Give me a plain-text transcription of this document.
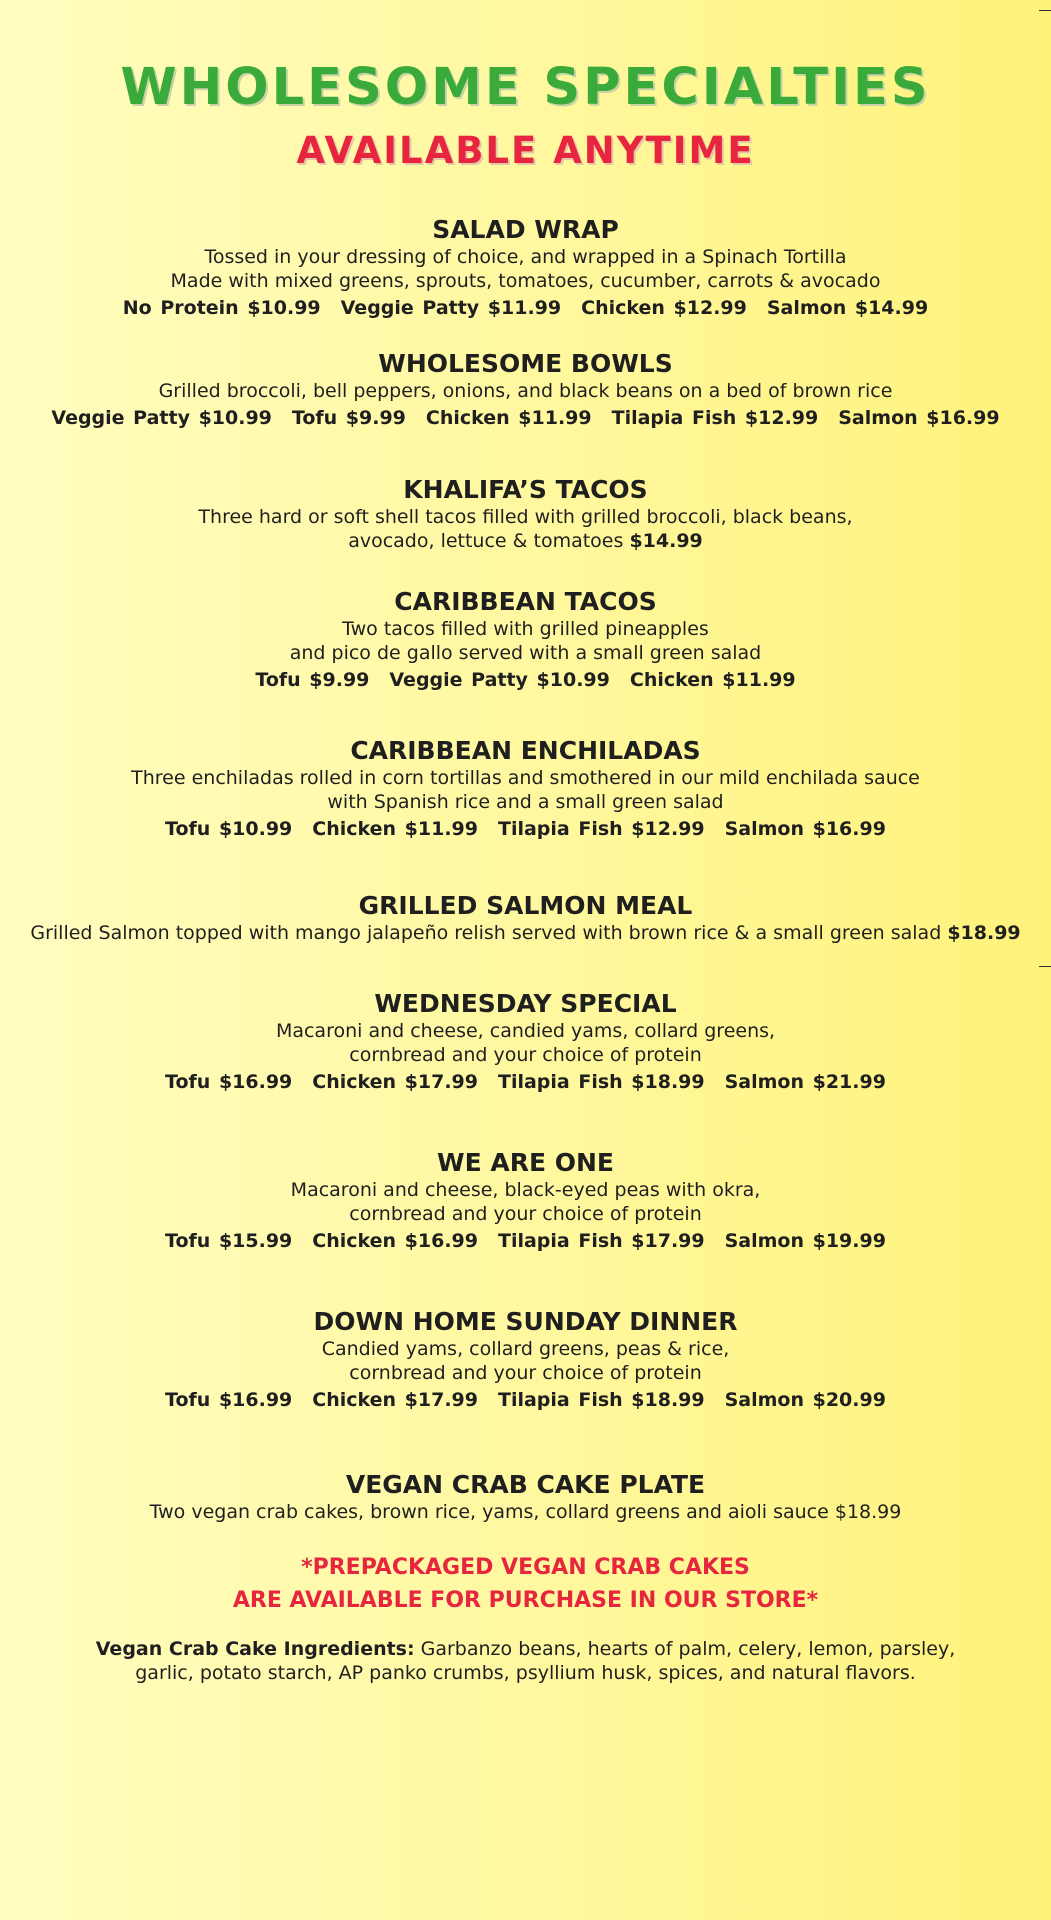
WHOLESOME SPECIALTIES
AVAILABLE ANYTIME
SALAD WRAP

Tossed in your dressing of choice, and wrapped in a Spinach Tortilla

Made with mixed greens, sprouts, tomatoes, cucumber, carrots & avocado

No Protein $10.99 Veggie Patty $11.99 Chicken $12.99 Salmon $14.99

WHOLESOME BOWLS

Grilled broccoli, bell peppers, onions, and black beans on a bed of brown rice

Veggie Patty $10.99 Tofu $9.99 Chicken $11.99 Tilapia Fish $12.99 Salmon $16.99

KHALIFA’S TACOS

Three hard or soft shell tacos filled with grilled broccoli, black beans,

avocado, lettuce & tomatoes $14.99

CARIBBEAN TACOS

Two tacos filled with grilled pineapples

and pico de gallo served with a small green salad

Tofu $9.99 Veggie Patty $10.99 Chicken $11.99

CARIBBEAN ENCHILADAS

Three enchiladas rolled in corn tortillas and smothered in our mild enchilada sauce

with Spanish rice and a small green salad

Tofu $10.99 Chicken $11.99 Tilapia Fish $12.99 Salmon $16.99

GRILLED SALMON MEAL

Grilled Salmon topped with mango jalapeño relish served with brown rice & a small green salad $18.99

WEDNESDAY SPECIAL

Macaroni and cheese, candied yams, collard greens,

cornbread and your choice of protein

Tofu $16.99 Chicken $17.99 Tilapia Fish $18.99 Salmon $21.99

WE ARE ONE

Macaroni and cheese, black-eyed peas with okra,

cornbread and your choice of protein

Tofu $15.99 Chicken $16.99 Tilapia Fish $17.99 Salmon $19.99

DOWN HOME SUNDAY DINNER

Candied yams, collard greens, peas & rice,

cornbread and your choice of protein

Tofu $16.99 Chicken $17.99 Tilapia Fish $18.99 Salmon $20.99

VEGAN CRAB CAKE PLATE

Two vegan crab cakes, brown rice, yams, collard greens and aioli sauce $18.99

*PREPACKAGED VEGAN CRAB CAKES

ARE AVAILABLE FOR PURCHASE IN OUR STORE*

Vegan Crab Cake Ingredients: Garbanzo beans, hearts of palm, celery, lemon, parsley,

garlic, potato starch, AP panko crumbs, psyllium husk, spices, and natural flavors.
